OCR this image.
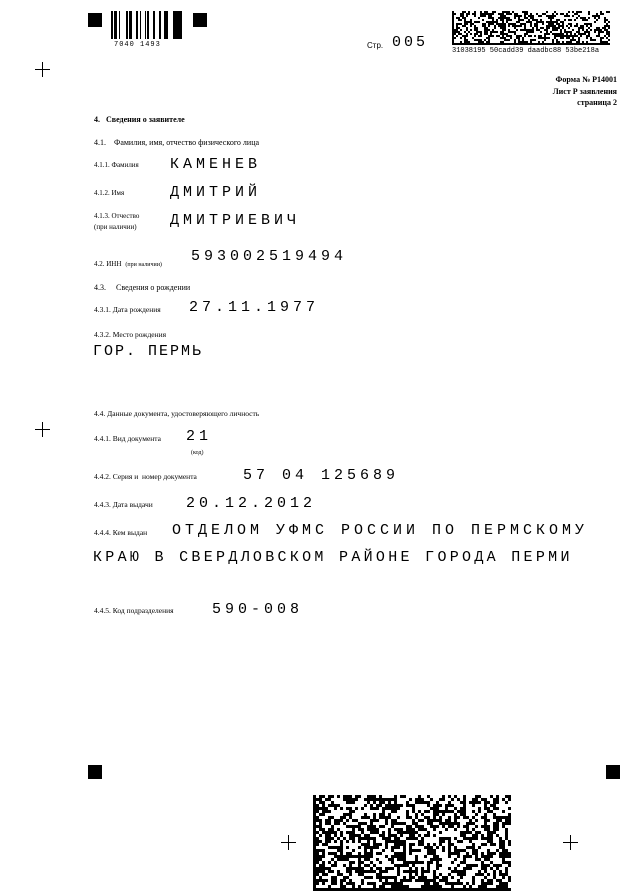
7040 1493	Стр. 005	31038195 50cadd39 daadbc88 53be218a
Форма № Р14001
Лист Р заявления
страница 2
4.   Сведения о заявителе
4.1.    Фамилия, имя, отчество физического лица
4.1.1. Фамилия КАМЕНЕВ
4.1.2. Имя	ДМИТРИЙ
4.1.3. Отчество
(при наличии) ДМИТРИЕВИЧ
4.2. ИНН (при наличии) 593002519494
4.3.     Сведения о рождении
4.3.1. Дата рождения 27.11.1977
4.3.2. Место рождения
ГОР. ПЕРМЬ
4.4. Данные документа, удостоверяющего личность
4.4.1. Вид документа 21
(код)
4.4.2. Серия и  номер документа	57 04 125689
4.4.3. Дата выдачи 20.12.2012
4.4.4. Кем выдан ОТДЕЛОМ УФМС РОССИИ ПО ПЕРМСКОМУ
КРАЮ В СВЕРДЛОВСКОМ РАЙОНЕ ГОРОДА ПЕРМИ
4.4.5. Код подразделения	590-008
